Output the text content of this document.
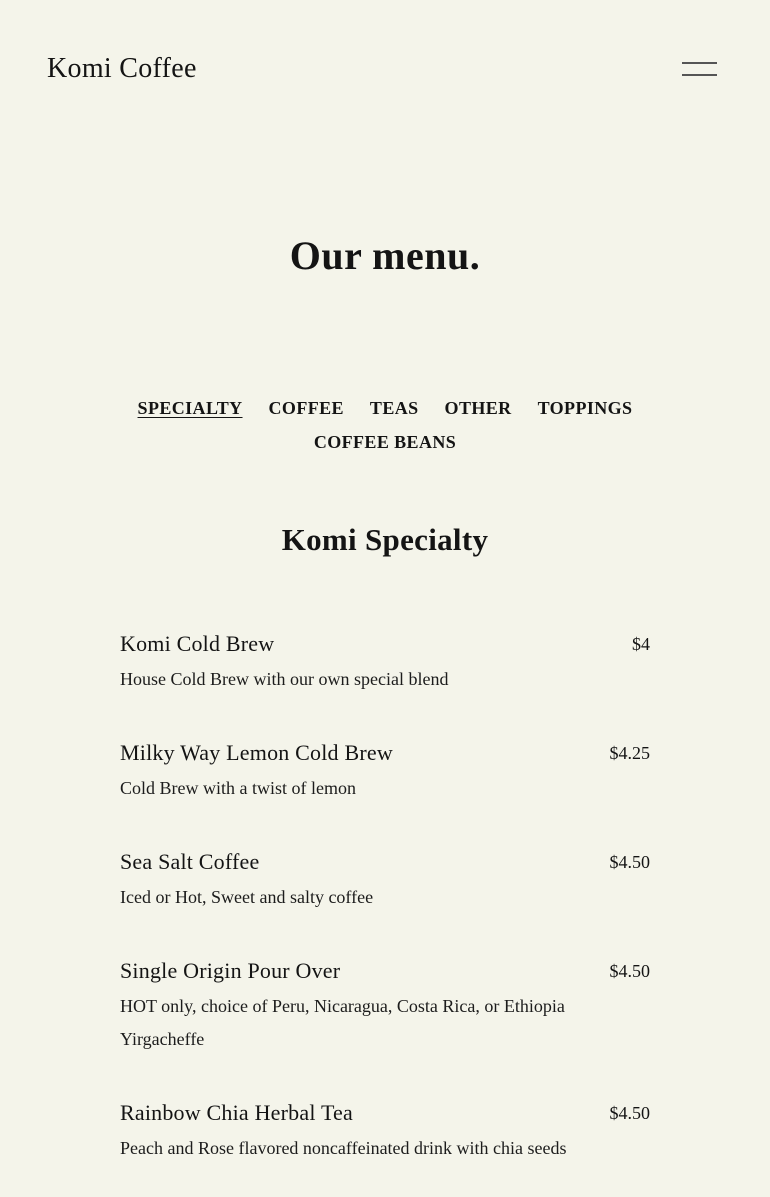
Komi Coffee
Our menu.
SPECIALTY COFFEE TEAS OTHER TOPPINGS
COFFEE BEANS
Komi Specialty
Komi Cold Brew	$4

House Cold Brew with our own special blend

Milky Way Lemon Cold Brew	$4.25

Cold Brew with a twist of lemon

Sea Salt Coffee	$4.50

Iced or Hot, Sweet and salty coffee

Single Origin Pour Over	$4.50

HOT only, choice of Peru, Nicaragua, Costa Rica, or Ethiopia Yirgacheffe

Rainbow Chia Herbal Tea	$4.50

Peach and Rose flavored noncaffeinated drink with chia seeds
